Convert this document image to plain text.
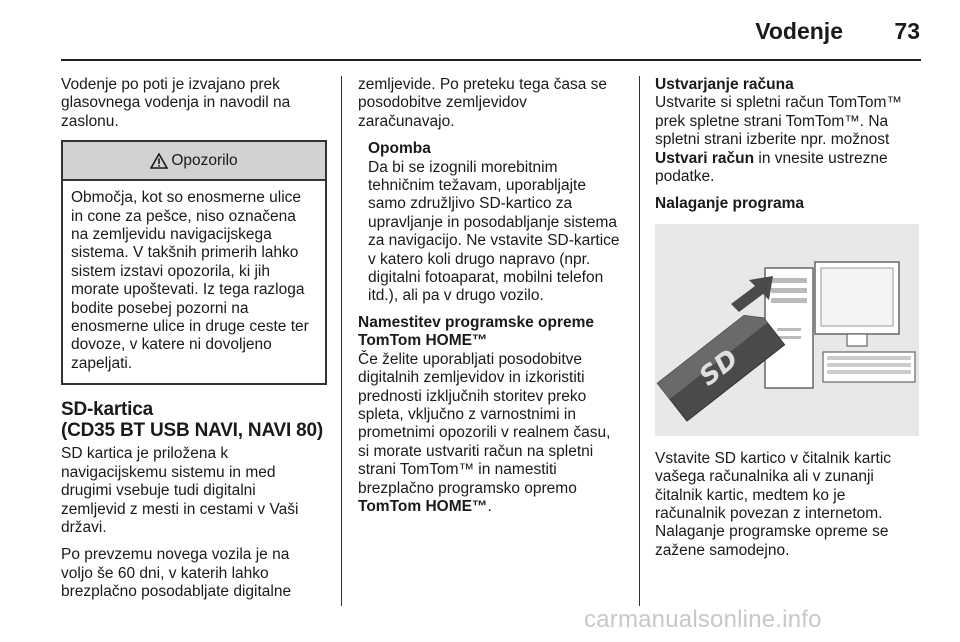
Vodenje 73

Vodenje po poti je izvajano prek
glasovnega vodenja in navodil na
zaslonu.

Opozorilo
Območja, kot so enosmerne ulice
in cone za pešce, niso označena
na zemljevidu navigacijskega
sistema. V takšnih primerih lahko
sistem izstavi opozorila, ki jih
morate upoštevati. Iz tega razloga
bodite posebej pozorni na
enosmerne ulice in druge ceste ter
dovoze, v katere ni dovoljeno
zapeljati.
SD-kartica
(CD35 BT USB NAVI, NAVI 80)

SD kartica je priložena k
navigacijskemu sistemu in med
drugimi vsebuje tudi digitalni
zemljevid z mesti in cestami v Vaši
državi.

Po prevzemu novega vozila je na
voljo še 60 dni, v katerih lahko
brezplačno posodabljate digitalne

zemljevide. Po preteku tega časa se
posodobitve zemljevidov
zaračunavajo.

Opomba
Da bi se izognili morebitnim
tehničnim težavam, uporabljajte
samo združljivo SD-kartico za
upravljanje in posodabljanje sistema
za navigacijo. Ne vstavite SD-kartice
v katero koli drugo napravo (npr.
digitalni fotoaparat, mobilni telefon
itd.), ali pa v drugo vozilo.

Namestitev programske opreme
TomTom HOME™

Če želite uporabljati posodobitve
digitalnih zemljevidov in izkoristiti
prednosti izključnih storitev preko
spleta, vključno z varnostnimi in
prometnimi opozorili v realnem času,
si morate ustvariti račun na spletni
strani TomTom™ in namestiti
brezplačno programsko opremo
TomTom HOME™.

Ustvarjanje računa

Ustvarite si spletni račun TomTom™
prek spletne strani TomTom™. Na
spletni strani izberite npr. možnost
Ustvari račun in vnesite ustrezne
podatke.

Nalaganje programa
SD

Vstavite SD kartico v čitalnik kartic
vašega računalnika ali v zunanji
čitalnik kartic, medtem ko je
računalnik povezan z internetom.
Nalaganje programske opreme se
zažene samodejno.

carmanualsonline.info
